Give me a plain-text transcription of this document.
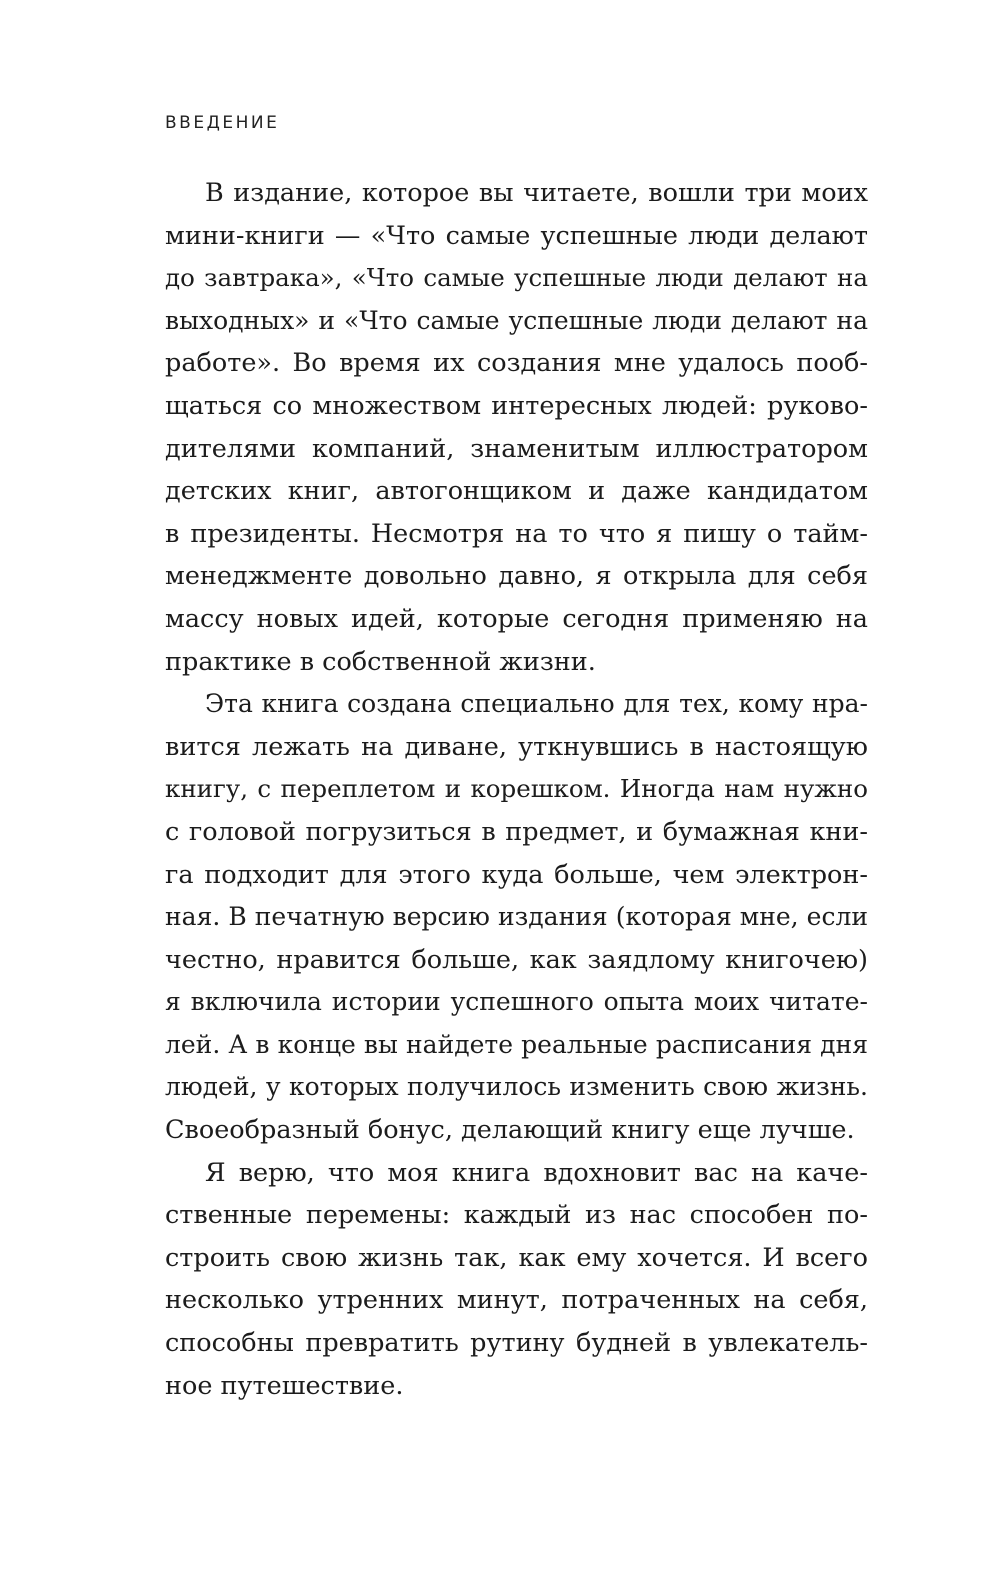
ВВЕДЕНИЕ
В издание, которое вы читаете, вошли три моих
мини-книги — «Что самые успешные люди делают
до завтрака», «Что самые успешные люди делают на
выходных» и «Что самые успешные люди делают на
работе». Во время их создания мне удалось пооб-
щаться со множеством интересных людей: руково-
дителями компаний, знаменитым иллюстратором
детских книг, автогонщиком и даже кандидатом
в президенты. Несмотря на то что я пишу о тайм-
менеджменте довольно давно, я открыла для себя
массу новых идей, которые сегодня применяю на
практике в собственной жизни.
Эта книга создана специально для тех, кому нра-
вится лежать на диване, уткнувшись в настоящую
книгу, с переплетом и корешком. Иногда нам нужно
с головой погрузиться в предмет, и бумажная кни-
га подходит для этого куда больше, чем электрон-
ная. В печатную версию издания (которая мне, если
честно, нравится больше, как заядлому книгочею)
я включила истории успешного опыта моих читате-
лей. А в конце вы найдете реальные расписания дня
людей, у которых получилось изменить свою жизнь.
Своеобразный бонус, делающий книгу еще лучше.
Я верю, что моя книга вдохновит вас на каче-
ственные перемены: каждый из нас способен по-
строить свою жизнь так, как ему хочется. И всего
несколько утренних минут, потраченных на себя,
способны превратить рутину будней в увлекатель-
ное путешествие.
